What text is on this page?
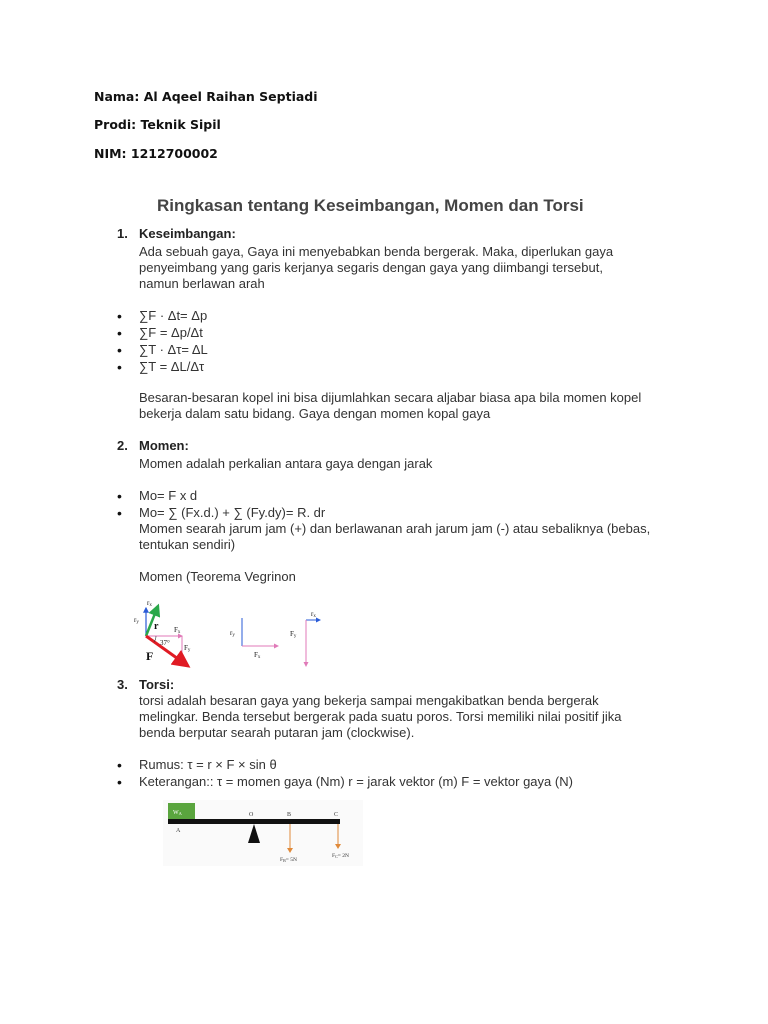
Nama: Al Aqeel Raihan Septiadi
Prodi: Teknik Sipil
NIM: 1212700002
Ringkasan tentang Keseimbangan, Momen dan Torsi
1. Keseimbangan:
Ada sebuah gaya, Gaya ini menyebabkan benda bergerak. Maka, diperlukan gaya
penyeimbang yang garis kerjanya segaris dengan gaya yang diimbangi tersebut,
namun berlawan arah
• ∑F · Δt= Δp
• ∑F = Δp/Δt
• ∑T · Δτ= ΔL
• ∑T = ΔL/Δτ
Besaran-besaran kopel ini bisa dijumlahkan secara aljabar biasa apa bila momen kopel
bekerja dalam satu bidang. Gaya dengan momen kopal gaya
2. Momen:
Momen adalah perkalian antara gaya dengan jarak
• Mo= F x d
• Mo= ∑ (Fx.d.) + ∑ (Fy.dy)= R. dr
Momen searah jarum jam (+) dan berlawanan arah jarum jam (-) atau sebaliknya (bebas,
tentukan sendiri)
Momen (Teorema Vegrinon
rx
ry r Fx
37°
Fy
F
ry
Fx
rx
Fy
3. Torsi:
torsi adalah besaran gaya yang bekerja sampai mengakibatkan benda bergerak
melingkar. Benda tersebut bergerak pada suatu poros. Torsi memiliki nilai positif jika
benda berputar searah putaran jam (clockwise).
• Rumus: τ = r × F × sin θ
• Keterangan:: τ = momen gaya (Nm) r = jarak vektor (m) F = vektor gaya (N)
WA
A
O	B	C
FB= 5N
FC= 2N
